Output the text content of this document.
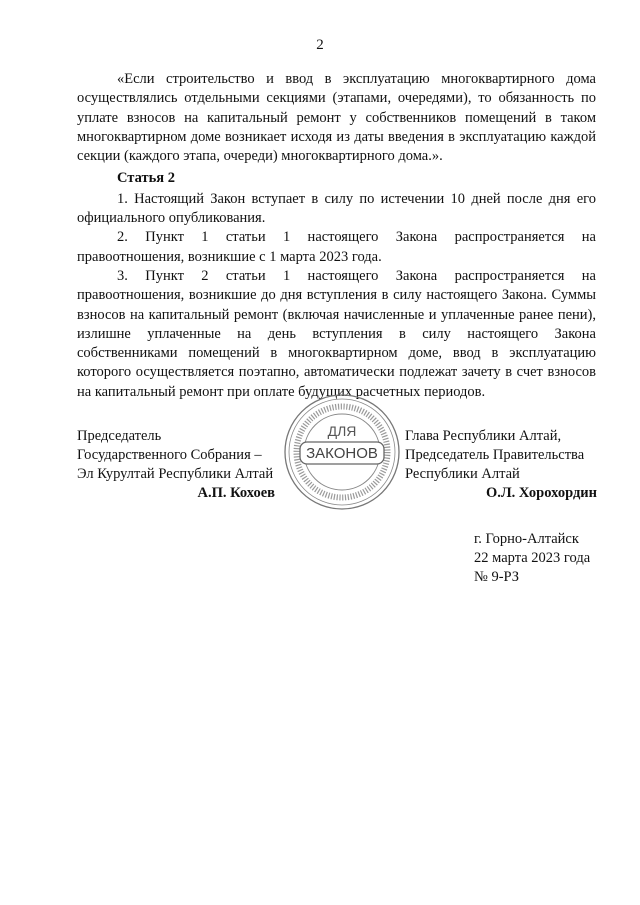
2

«Если строительство и ввод в эксплуатацию многоквартирного дома осуществлялись отдельными секциями (этапами, очередями), то обязанность по уплате взносов на капитальный ремонт у собственников помещений в таком многоквартирном доме возникает исходя из даты введения в эксплуатацию каждой секции (каждого этапа, очереди) многоквартирного дома.».

Статья 2

1. Настоящий Закон вступает в силу по истечении 10 дней после дня его официального опубликования.

2. Пункт 1 статьи 1 настоящего Закона распространяется на правоотношения, возникшие с 1 марта 2023 года.

3. Пункт 2 статьи 1 настоящего Закона распространяется на правоотношения, возникшие до дня вступления в силу настоящего Закона. Суммы взносов на капитальный ремонт (включая начисленные и уплаченные ранее пени), излишне уплаченные на день вступления в силу настоящего Закона собственниками помещений в многоквартирном доме, ввод в эксплуатацию которого осуществляется поэтапно, автоматически подлежат зачету в счет взносов на капитальный ремонт при оплате будущих расчетных периодов.

Председатель
Государственного Собрания –
Эл Курултай Республики Алтай
А.П. Кохоев
ДЛЯ
ЗАКОНОВ
Глава Республики Алтай,
Председатель Правительства
Республики Алтай
О.Л. Хорохордин
г. Горно-Алтайск
22 марта 2023 года
№ 9-РЗ
